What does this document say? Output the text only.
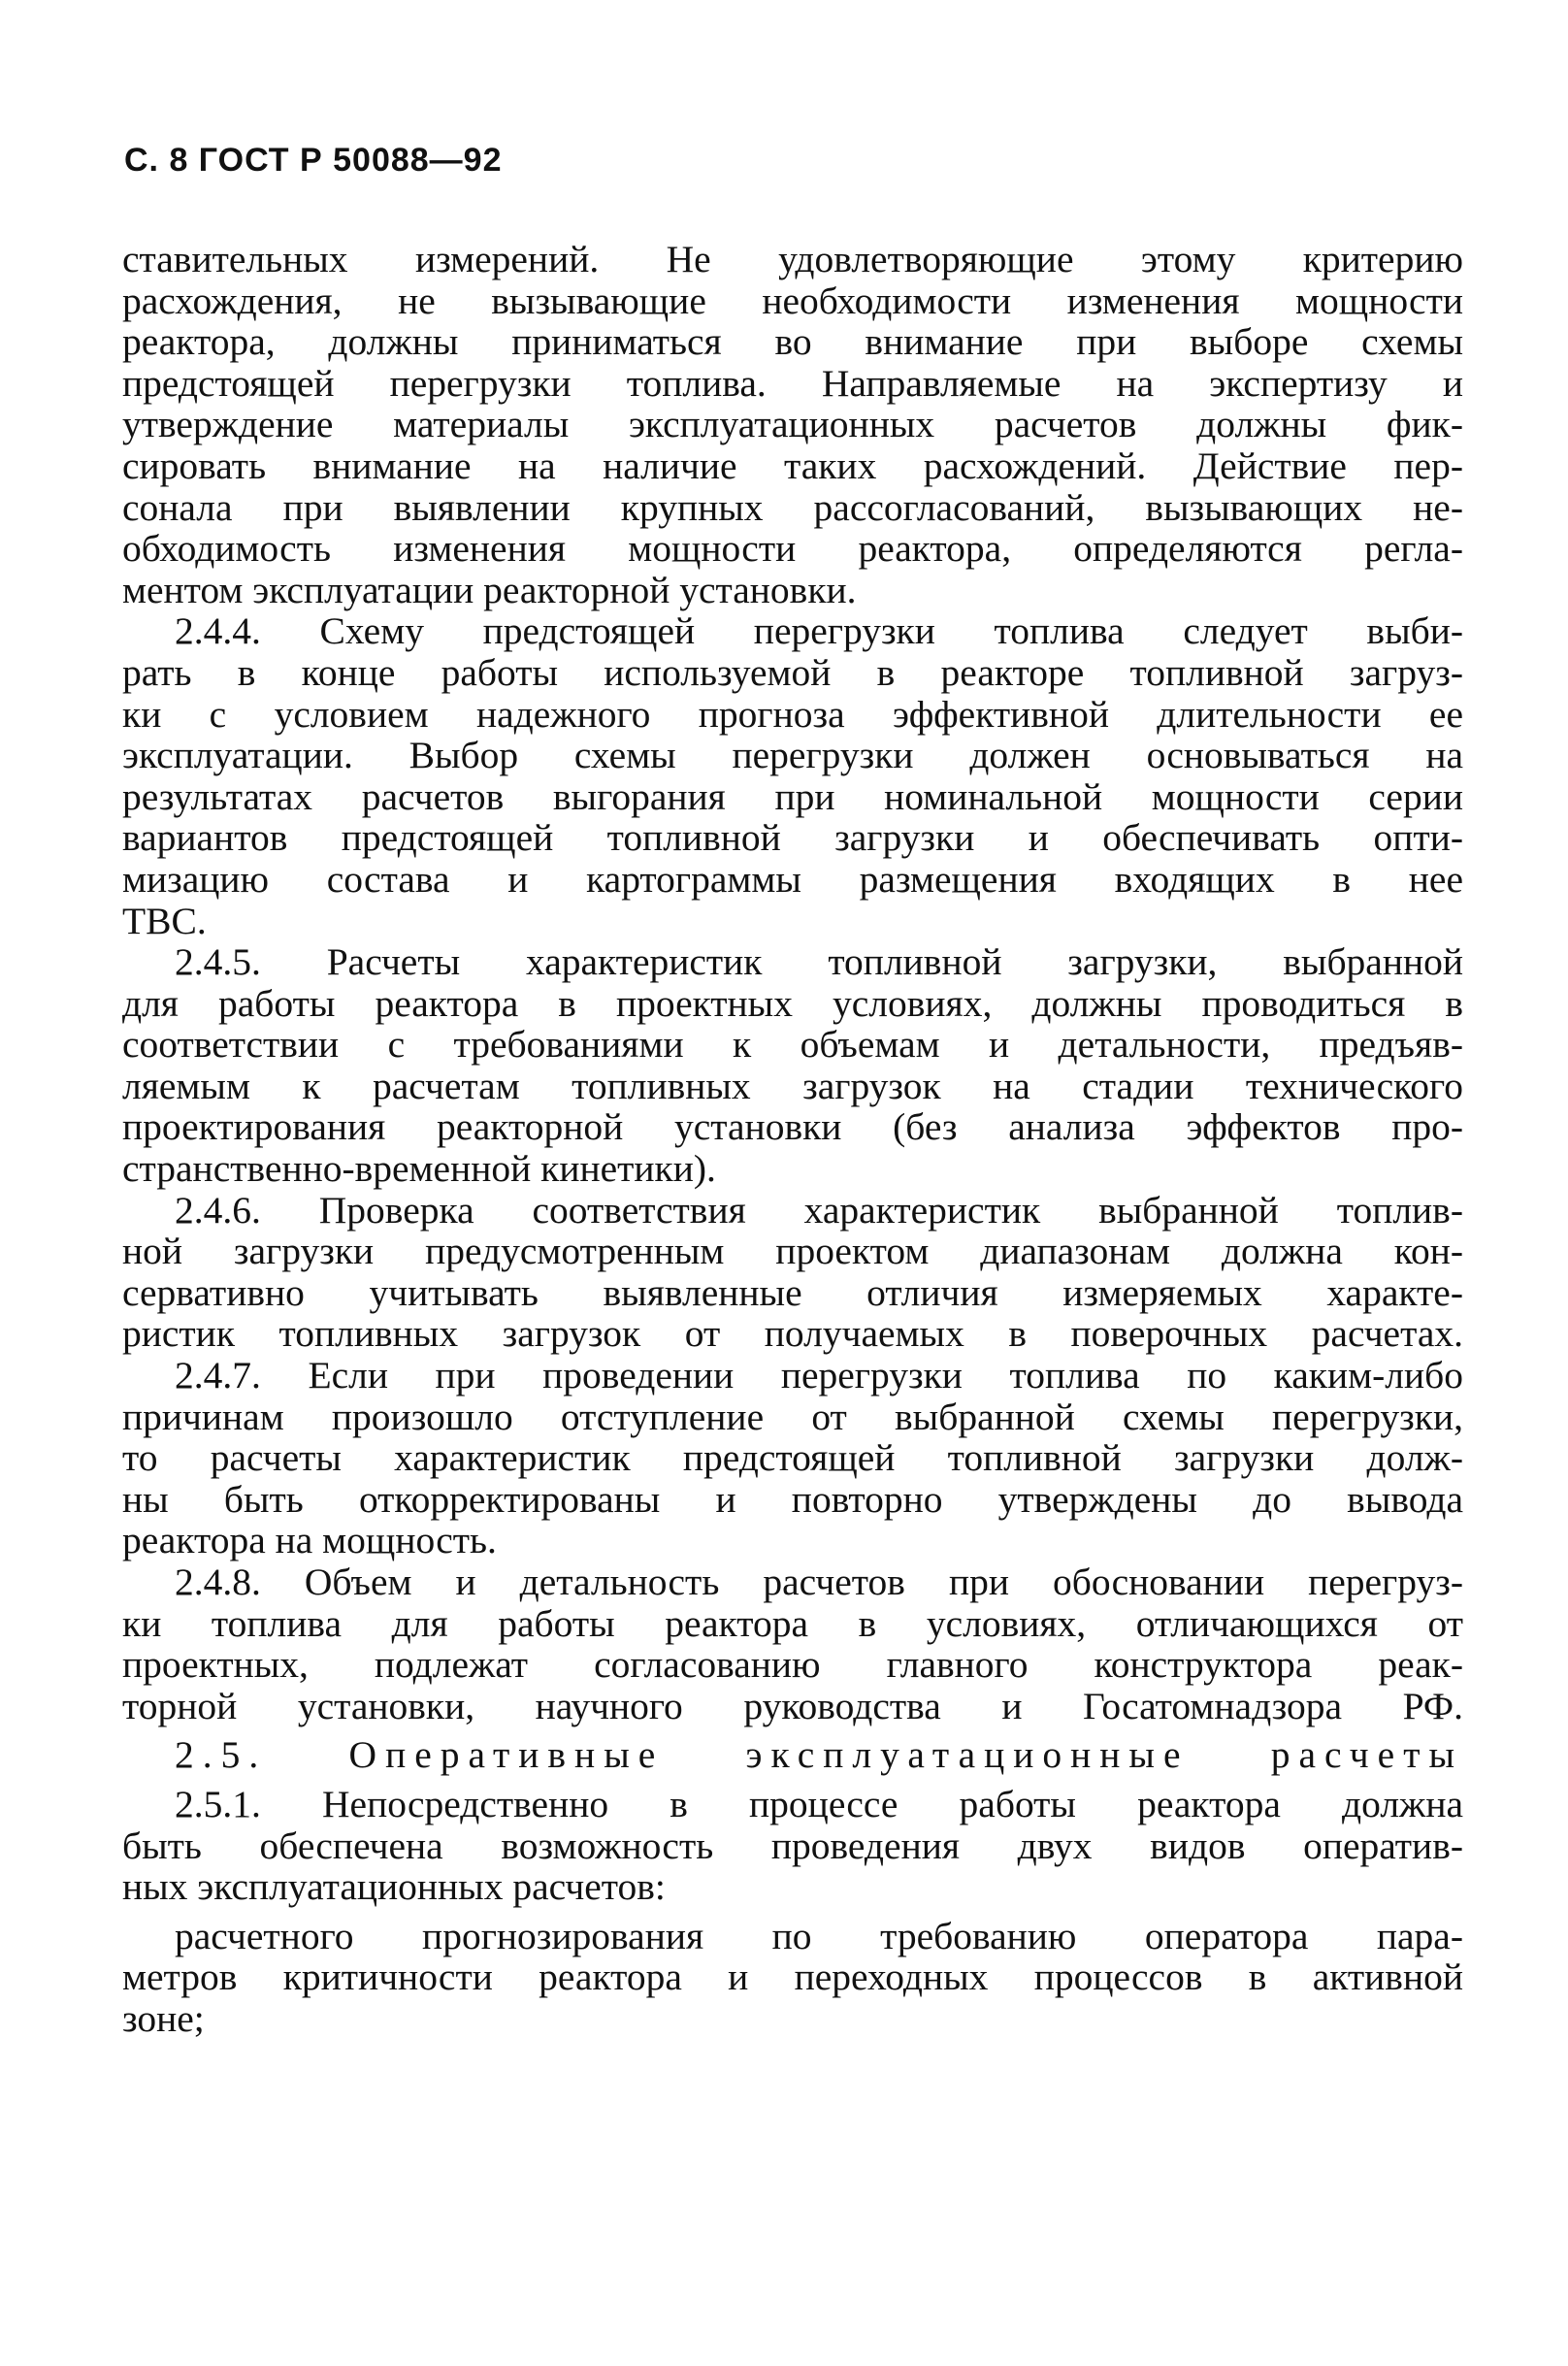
С. 8 ГОСТ Р 50088—92
ставительных измерений. Не удовлетворяющие этому критерию
расхождения, не вызывающие необходимости изменения мощности
реактора, должны приниматься во внимание при выборе схемы
предстоящей перегрузки топлива. Направляемые на экспертизу и
утверждение материалы эксплуатационных расчетов должны фик-
сировать внимание на наличие таких расхождений. Действие пер-
сонала при выявлении крупных рассогласований, вызывающих не-
обходимость изменения мощности реактора, определяются регла-
ментом эксплуатации реакторной установки.
2.4.4. Схему предстоящей перегрузки топлива следует выби-
рать в конце работы используемой в реакторе топливной загруз-
ки с условием надежного прогноза эффективной длительности ее
эксплуатации. Выбор схемы перегрузки должен основываться на
результатах расчетов выгорания при номинальной мощности серии
вариантов предстоящей топливной загрузки и обеспечивать опти-
мизацию состава и картограммы размещения входящих в нее
ТВС.
2.4.5. Расчеты характеристик топливной загрузки, выбранной
для работы реактора в проектных условиях, должны проводиться в
соответствии с требованиями к объемам и детальности, предъяв-
ляемым к расчетам топливных загрузок на стадии технического
проектирования реакторной установки (без анализа эффектов про-
странственно-временной кинетики).
2.4.6. Проверка соответствия характеристик выбранной топлив-
ной загрузки предусмотренным проектом диапазонам должна кон-
сервативно учитывать выявленные отличия измеряемых характе-
ристик топливных загрузок от получаемых в поверочных расчетах.
2.4.7. Если при проведении перегрузки топлива по каким-либо
причинам произошло отступление от выбранной схемы перегрузки,
то расчеты характеристик предстоящей топливной загрузки долж-
ны быть откорректированы и повторно утверждены до вывода
реактора на мощность.
2.4.8. Объем и детальность расчетов при обосновании перегруз-
ки топлива для работы реактора в условиях, отличающихся от
проектных, подлежат согласованию главного конструктора реак-
торной установки, научного руководства и Госатомнадзора РФ.
2.5. Оперативные эксплуатационные расчеты
2.5.1. Непосредственно в процессе работы реактора должна
быть обеспечена возможность проведения двух видов оператив-
ных эксплуатационных расчетов:
расчетного прогнозирования по требованию оператора пара-
метров критичности реактора и переходных процессов в активной
зоне;
